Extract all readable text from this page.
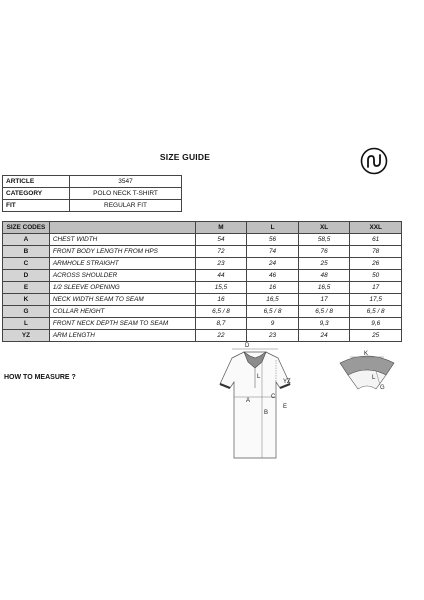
SIZE GUIDE
ARTICLE	3547
CATEGORY	POLO NECK T-SHIRT
FIT	REGULAR FIT
SIZE CODES		M	L	XL	XXL
A	CHEST WIDTH	54	56	58,5	61
B	FRONT BODY LENGTH FROM HPS	72	74	76	78
C	ARMHOLE STRAIGHT	23	24	25	26
D	ACROSS SHOULDER	44	46	48	50
E	1/2 SLEEVE OPENING	15,5	16	16,5	17
K	NECK WIDTH SEAM TO SEAM	16	16,5	17	17,5
G	COLLAR HEIGHT	6,5 / 8	6,5 / 8	6,5 / 8	6,5 / 8
L	FRONT NECK DEPTH SEAM TO SEAM	8,7	9	9,3	9,6
YZ	ARM LENGTH	22	23	24	25
HOW TO MEASURE ?
D
A
B
C
E
YZ
L
K
L
G
